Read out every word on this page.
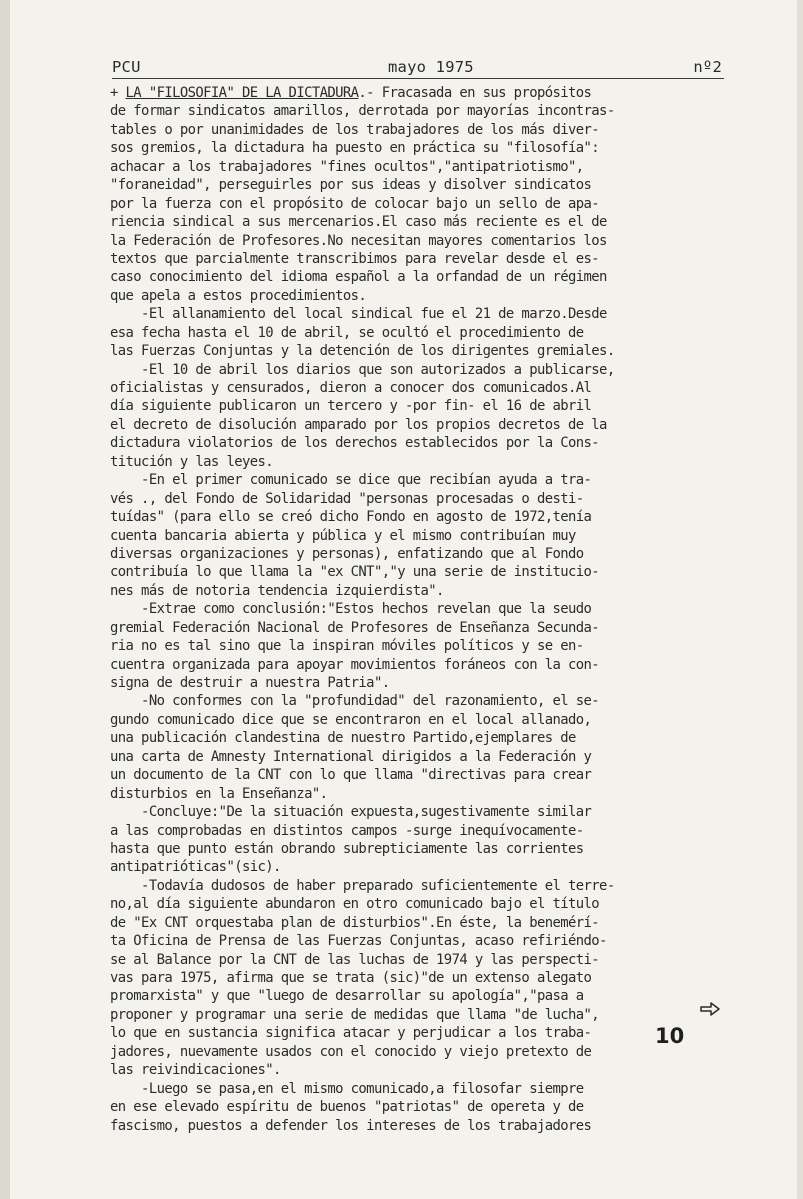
PCU	mayo 1975	nº2
+ LA "FILOSOFIA" DE LA DICTADURA.- Fracasada en sus propósitos
de formar sindicatos amarillos, derrotada por mayorías incontras-
tables o por unanimidades de los trabajadores de los más diver-
sos gremios, la dictadura ha puesto en práctica su "filosofía":
achacar a los trabajadores "fines ocultos","antipatriotismo",
"foraneidad", perseguirles por sus ideas y disolver sindicatos
por la fuerza con el propósito de colocar bajo un sello de apa-
riencia sindical a sus mercenarios.El caso más reciente es el de
la Federación de Profesores.No necesitan mayores comentarios los
textos que parcialmente transcribimos para revelar desde el es-
caso conocimiento del idioma español a la orfandad de un régimen
que apela a estos procedimientos.
-El allanamiento del local sindical fue el 21 de marzo.Desde
esa fecha hasta el 10 de abril, se ocultó el procedimiento de
las Fuerzas Conjuntas y la detención de los dirigentes gremiales.
-El 10 de abril los diarios que son autorizados a publicarse,
oficialistas y censurados, dieron a conocer dos comunicados.Al
día siguiente publicaron un tercero y -por fin- el 16 de abril
el decreto de disolución amparado por los propios decretos de la
dictadura violatorios de los derechos establecidos por la Cons-
titución y las leyes.
-En el primer comunicado se dice que recibían ayuda a tra-
vés ., del Fondo de Solidaridad "personas procesadas o desti-
tuídas" (para ello se creó dicho Fondo en agosto de 1972,tenía
cuenta bancaria abierta y pública y el mismo contribuían muy
diversas organizaciones y personas), enfatizando que al Fondo
contribuía lo que llama la "ex CNT","y una serie de institucio-
nes más de notoria tendencia izquierdista".
-Extrae como conclusión:"Estos hechos revelan que la seudo
gremial Federación Nacional de Profesores de Enseñanza Secunda-
ria no es tal sino que la inspiran móviles políticos y se en-
cuentra organizada para apoyar movimientos foráneos con la con-
signa de destruir a nuestra Patria".
-No conformes con la "profundidad" del razonamiento, el se-
gundo comunicado dice que se encontraron en el local allanado,
una publicación clandestina de nuestro Partido,ejemplares de
una carta de Amnesty International dirigidos a la Federación y
un documento de la CNT con lo que llama "directivas para crear
disturbios en la Enseñanza".
-Concluye:"De la situación expuesta,sugestivamente similar
a las comprobadas en distintos campos -surge inequívocamente-
hasta que punto están obrando subrepticiamente las corrientes
antipatrióticas"(sic).
-Todavía dudosos de haber preparado suficientemente el terre-
no,al día siguiente abundaron en otro comunicado bajo el título
de "Ex CNT orquestaba plan de disturbios".En éste, la benemérí-
ta Oficina de Prensa de las Fuerzas Conjuntas, acaso refiriéndo-
se al Balance por la CNT de las luchas de 1974 y las perspecti-
vas para 1975, afirma que se trata (sic)"de un extenso alegato
promarxista" y que "luego de desarrollar su apología","pasa a
proponer y programar una serie de medidas que llama "de lucha",
lo que en sustancia significa atacar y perjudicar a los traba-
jadores, nuevamente usados con el conocido y viejo pretexto de
las reivindicaciones".
-Luego se pasa,en el mismo comunicado,a filosofar siempre
en ese elevado espíritu de buenos "patriotas" de opereta y de
fascismo, puestos a defender los intereses de los trabajadores
10
